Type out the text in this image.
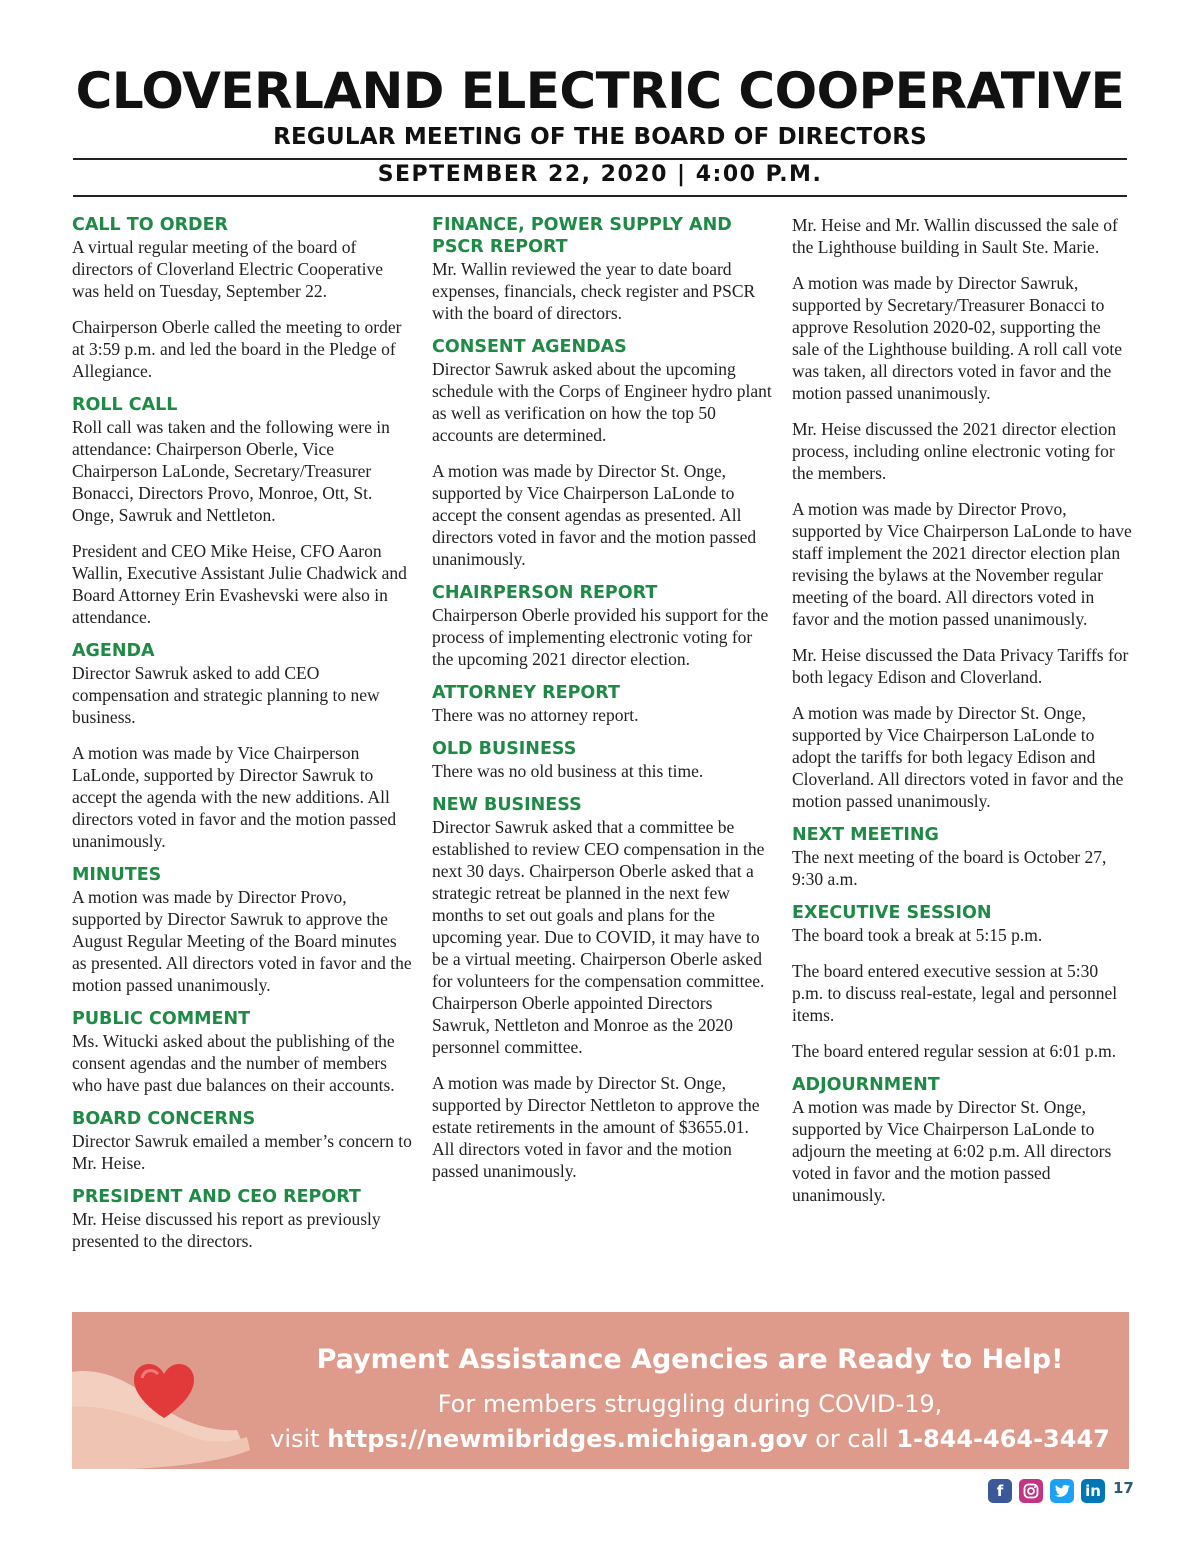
CLOVERLAND ELECTRIC COOPERATIVE
REGULAR MEETING OF THE BOARD OF DIRECTORS
SEPTEMBER 22, 2020 | 4:00 P.M.
CALL TO ORDER

A virtual regular meeting of the board of directors of Cloverland Electric Cooperative was held on Tuesday, September 22.

Chairperson Oberle called the meeting to order at 3:59 p.m. and led the board in the Pledge of Allegiance.

ROLL CALL

Roll call was taken and the following were in attendance: Chairperson Oberle, Vice Chairperson LaLonde, Secretary/Treasurer Bonacci, Directors Provo, Monroe, Ott, St. Onge, Sawruk and Nettleton.

President and CEO Mike Heise, CFO Aaron Wallin, Executive Assistant Julie Chadwick and Board Attorney Erin Evashevski were also in attendance.

AGENDA

Director Sawruk asked to add CEO compensation and strategic planning to new business.

A motion was made by Vice Chairperson LaLonde, supported by Director Sawruk to accept the agenda with the new additions. All directors voted in favor and the motion passed unanimously.

MINUTES

A motion was made by Director Provo, supported by Director Sawruk to approve the August Regular Meeting of the Board minutes as presented. All directors voted in favor and the motion passed unanimously.

PUBLIC COMMENT

Ms. Witucki asked about the publishing of the consent agendas and the number of members who have past due balances on their accounts.

BOARD CONCERNS

Director Sawruk emailed a member’s concern to Mr. Heise.

PRESIDENT AND CEO REPORT

Mr. Heise discussed his report as previously presented to the directors.

FINANCE, POWER SUPPLY AND PSCR REPORT

Mr. Wallin reviewed the year to date board expenses, financials, check register and PSCR with the board of directors.

CONSENT AGENDAS

Director Sawruk asked about the upcoming schedule with the Corps of Engineer hydro plant as well as verification on how the top 50 accounts are determined.

A motion was made by Director St. Onge, supported by Vice Chairperson LaLonde to accept the consent agendas as presented. All directors voted in favor and the motion passed unanimously.

CHAIRPERSON REPORT

Chairperson Oberle provided his support for the process of implementing electronic voting for the upcoming 2021 director election.

ATTORNEY REPORT

There was no attorney report.

OLD BUSINESS

There was no old business at this time.

NEW BUSINESS

Director Sawruk asked that a committee be established to review CEO compensation in the next 30 days. Chairperson Oberle asked that a strategic retreat be planned in the next few months to set out goals and plans for the upcoming year. Due to COVID, it may have to be a virtual meeting. Chairperson Oberle asked for volunteers for the compensation committee. Chairperson Oberle appointed Directors Sawruk, Nettleton and Monroe as the 2020 personnel committee.

A motion was made by Director St. Onge, supported by Director Nettleton to approve the estate retirements in the amount of $3655.01. All directors voted in favor and the motion passed unanimously.

Mr. Heise and Mr. Wallin discussed the sale of the Lighthouse building in Sault Ste. Marie.

A motion was made by Director Sawruk, supported by Secretary/Treasurer Bonacci to approve Resolution 2020-02, supporting the sale of the Lighthouse building. A roll call vote was taken, all directors voted in favor and the motion passed unanimously.

Mr. Heise discussed the 2021 director election process, including online electronic voting for the members.

A motion was made by Director Provo, supported by Vice Chairperson LaLonde to have staff implement the 2021 director election plan revising the bylaws at the November regular meeting of the board. All directors voted in favor and the motion passed unanimously.

Mr. Heise discussed the Data Privacy Tariffs for both legacy Edison and Cloverland.

A motion was made by Director St. Onge, supported by Vice Chairperson LaLonde to adopt the tariffs for both legacy Edison and Cloverland. All directors voted in favor and the motion passed unanimously.

NEXT MEETING

The next meeting of the board is October 27, 9:30 a.m.

EXECUTIVE SESSION

The board took a break at 5:15 p.m.

The board entered executive session at 5:30 p.m. to discuss real-estate, legal and personnel items.

The board entered regular session at 6:01 p.m.

ADJOURNMENT

A motion was made by Director St. Onge, supported by Vice Chairperson LaLonde to adjourn the meeting at 6:02 p.m. All directors voted in favor and the motion passed unanimously.

Payment Assistance Agencies are Ready to Help!
For members struggling during COVID-19,
visit https://newmibridges.michigan.gov or call 1-844-464-3447
f	in 17
